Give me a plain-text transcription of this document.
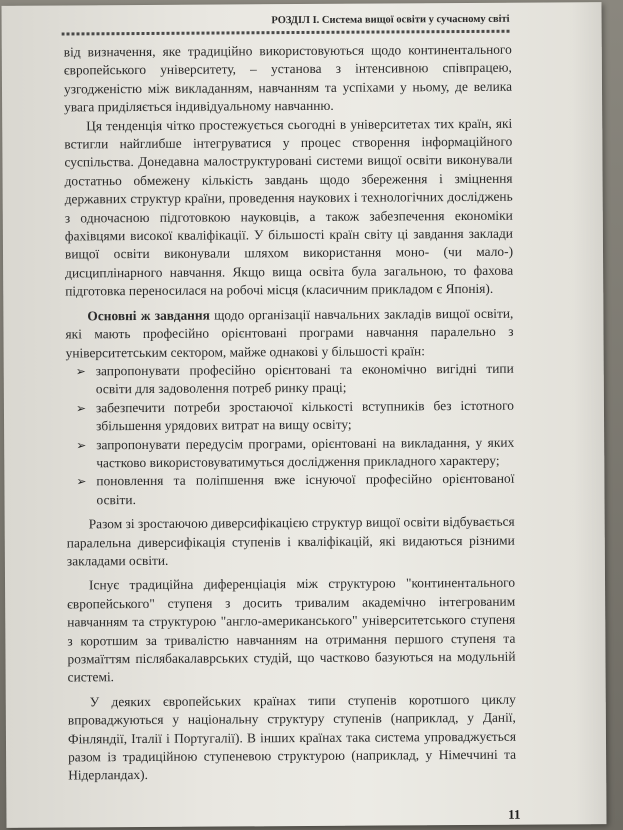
РОЗДІЛ І. Система вищої освіти у сучасному світі

від визначення, яке традиційно використовуються щодо континентального європейського університету, – установа з інтенсивною співпрацею, узгодженістю між викладанням, навчанням та успіхами у ньому, де велика увага приділяється індивідуальному навчанню.

Ця тенденція чітко простежується сьогодні в університетах тих країн, які встигли найглибше інтегруватися у процес створення інформаційного суспільства. Донедавна малоструктуровані системи вищої освіти виконували достатньо обмежену кількість завдань щодо збереження і зміцнення державних структур країни, проведення наукових і технологічних досліджень з одночасною підготовкою науковців, а також забезпечення економіки фахівцями високої кваліфікації. У більшості країн світу ці завдання заклади вищої освіти виконували шляхом використання моно- (чи мало-) дисциплінарного навчання. Якщо вища освіта була загальною, то фахова підготовка переносилася на робочі місця (класичним прикладом є Японія).

Основні ж завдання щодо організації навчальних закладів вищої освіти, які мають професійно орієнтовані програми навчання паралельно з університетським сектором, майже однакові у більшості країн:

➢ запропонувати професійно орієнтовані та економічно вигідні типи освіти для задоволення потреб ринку праці;
➢ забезпечити потреби зростаючої кількості вступників без істотного збільшення урядових витрат на вищу освіту;
➢ запропонувати передусім програми, орієнтовані на викладання, у яких частково використовуватимуться дослідження прикладного характеру;
➢ поновлення та поліпшення вже існуючої професійно орієнтованої освіти.

Разом зі зростаючою диверсифікацією структур вищої освіти відбувається паралельна диверсифікація ступенів і кваліфікацій, які видаються різними закладами освіти.

Існує традиційна диференціація між структурою "континентального європейського" ступеня з досить тривалим академічно інтегрованим навчанням та структурою "англо-американського" університетського ступеня з коротшим за тривалістю навчанням на отримання першого ступеня та розмаїттям післябакалаврських студій, що частково базуються на модульній системі.

У деяких європейських країнах типи ступенів коротшого циклу впроваджуються у національну структуру ступенів (наприклад, у Данії, Фінляндії, Італії і Португалії). В інших країнах така система упроваджується разом із традиційною ступеневою структурою (наприклад, у Німеччині та Нідерландах).

11
